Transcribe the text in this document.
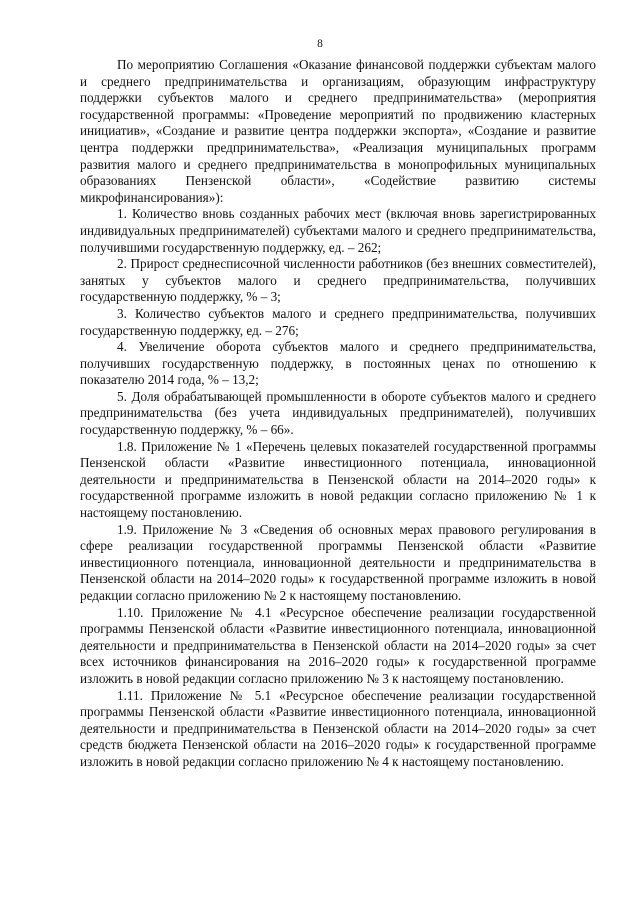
8

По мероприятию Соглашения «Оказание финансовой поддержки субъектам малого и среднего предпринимательства и организациям, образующим инфраструктуру поддержки субъектов малого и среднего предпринимательства» (мероприятия государственной программы: «Проведение мероприятий по продвижению кластерных инициатив», «Создание и развитие центра поддержки экспорта», «Создание и развитие центра поддержки предпринимательства», «Реализация муниципальных программ развития малого и среднего предпринимательства в монопрофильных муниципальных образованиях Пензенской области», «Содействие развитию системы микрофинансирования»):

1. Количество вновь созданных рабочих мест (включая вновь зарегистрированных индивидуальных предпринимателей) субъектами малого и среднего предпринимательства, получившими государственную поддержку, ед. – 262;

2. Прирост среднесписочной численности работников (без внешних совместителей), занятых у субъектов малого и среднего предпринимательства, получивших государственную поддержку, % – 3;

3. Количество субъектов малого и среднего предпринимательства, получивших государственную поддержку, ед. – 276;

4. Увеличение оборота субъектов малого и среднего предпринимательства, получивших государственную поддержку, в постоянных ценах по отношению к показателю 2014 года, % – 13,2;

5. Доля обрабатывающей промышленности в обороте субъектов малого и среднего предпринимательства (без учета индивидуальных предпринимателей), получивших государственную поддержку, % – 66».

1.8. Приложение № 1 «Перечень целевых показателей государственной программы Пензенской области «Развитие инвестиционного потенциала, инновационной деятельности и предпринимательства в Пензенской области на 2014–2020 годы» к государственной программе изложить в новой редакции согласно приложению № 1 к настоящему постановлению.

1.9. Приложение № 3 «Сведения об основных мерах правового регулирования в сфере реализации государственной программы Пензенской области «Развитие инвестиционного потенциала, инновационной деятельности и предпринимательства в Пензенской области на 2014–2020 годы» к государственной программе изложить в новой редакции согласно приложению № 2 к настоящему постановлению.

1.10. Приложение № 4.1 «Ресурсное обеспечение реализации государственной программы Пензенской области «Развитие инвестиционного потенциала, инновационной деятельности и предпринимательства в Пензенской области на 2014–2020 годы» за счет всех источников финансирования на 2016–2020 годы» к государственной программе изложить в новой редакции согласно приложению № 3 к настоящему постановлению.

1.11. Приложение № 5.1 «Ресурсное обеспечение реализации государственной программы Пензенской области «Развитие инвестиционного потенциала, инновационной деятельности и предпринимательства в Пензенской области на 2014–2020 годы» за счет средств бюджета Пензенской области на 2016–2020 годы» к государственной программе изложить в новой редакции согласно приложению № 4 к настоящему постановлению.
